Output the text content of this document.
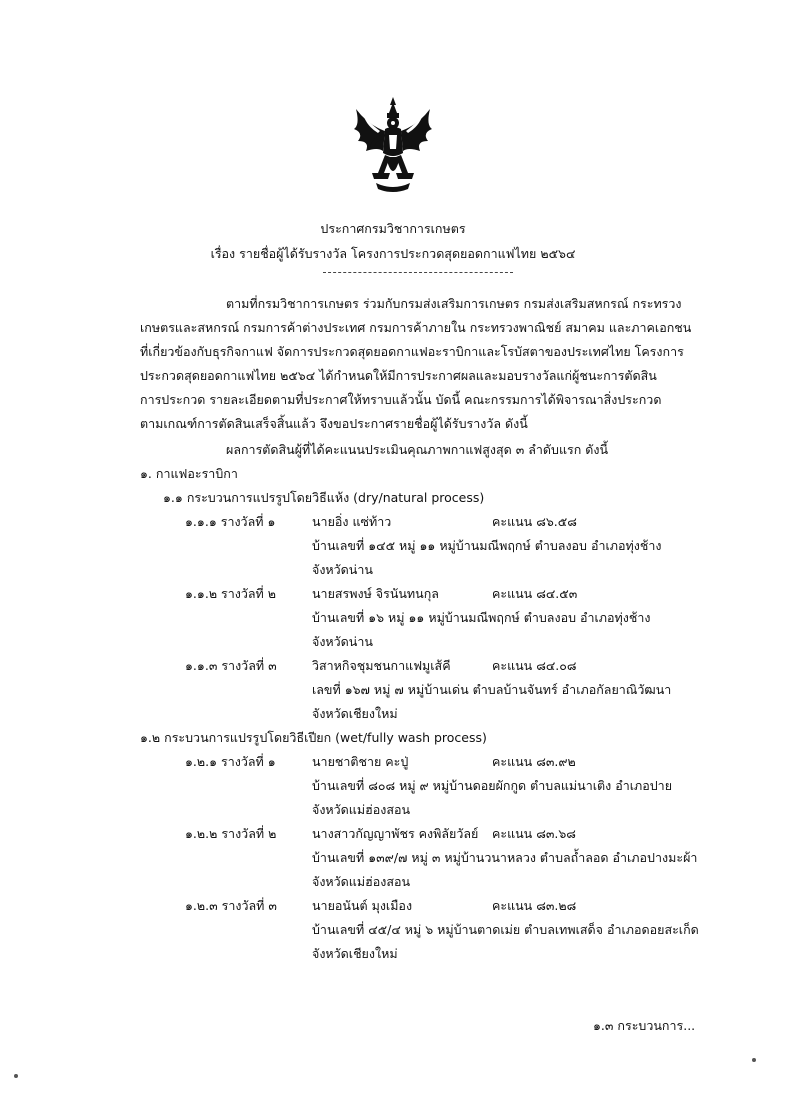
ประกาศกรมวิชาการเกษตร
เรื่อง รายชื่อผู้ได้รับรางวัล โครงการประกวดสุดยอดกาแฟไทย ๒๕๖๔
ตามที่กรมวิชาการเกษตร ร่วมกับกรมส่งเสริมการเกษตร กรมส่งเสริมสหกรณ์ กระทรวง
เกษตรและสหกรณ์ กรมการค้าต่างประเทศ กรมการค้าภายใน กระทรวงพาณิชย์ สมาคม และภาคเอกชน
ที่เกี่ยวข้องกับธุรกิจกาแฟ จัดการประกวดสุดยอดกาแฟอะราบิกาและโรบัสตาของประเทศไทย โครงการ
ประกวดสุดยอดกาแฟไทย ๒๕๖๔ ได้กำหนดให้มีการประกาศผลและมอบรางวัลแก่ผู้ชนะการตัดสิน
การประกวด รายละเอียดตามที่ประกาศให้ทราบแล้วนั้น บัดนี้ คณะกรรมการได้พิจารณาสิ่งประกวด
ตามเกณฑ์การตัดสินเสร็จสิ้นแล้ว จึงขอประกาศรายชื่อผู้ได้รับรางวัล ดังนี้
ผลการตัดสินผู้ที่ได้คะแนนประเมินคุณภาพกาแฟสูงสุด ๓ ลำดับแรก ดังนี้
๑. กาแฟอะราบิกา
๑.๑ กระบวนการแปรรูปโดยวิธีแห้ง (dry/natural process)
๑.๑.๑ รางวัลที่ ๑	นายอิ่ง แซ่ท้าว	คะแนน ๘๖.๕๘
บ้านเลขที่ ๑๔๕ หมู่ ๑๑ หมู่บ้านมณีพฤกษ์ ตำบลงอบ อำเภอทุ่งช้าง
จังหวัดน่าน
๑.๑.๒ รางวัลที่ ๒	นายสรพงษ์ จิรนันทนกุล	คะแนน ๘๔.๕๓
บ้านเลขที่ ๑๖ หมู่ ๑๑ หมู่บ้านมณีพฤกษ์ ตำบลงอบ อำเภอทุ่งช้าง
จังหวัดน่าน
๑.๑.๓ รางวัลที่ ๓	วิสาหกิจชุมชนกาแฟมูเส้คี	คะแนน ๘๔.๐๘
เลขที่ ๑๖๗ หมู่ ๗ หมู่บ้านเด่น ตำบลบ้านจันทร์ อำเภอกัลยาณิวัฒนา
จังหวัดเชียงใหม่
๑.๒ กระบวนการแปรรูปโดยวิธีเปียก (wet/fully wash process)
๑.๒.๑ รางวัลที่ ๑	นายชาติชาย คะปู่	คะแนน ๘๓.๙๒
บ้านเลขที่ ๘๐๘ หมู่ ๙ หมู่บ้านดอยผักกูด ตำบลแม่นาเติง อำเภอปาย
จังหวัดแม่ฮ่องสอน
๑.๒.๒ รางวัลที่ ๒	นางสาวกัญญาพัชร คงพิลัยวัลย์ คะแนน ๘๓.๖๘
บ้านเลขที่ ๑๓๙/๗ หมู่ ๓ หมู่บ้านวนาหลวง ตำบลถ้ำลอด อำเภอปางมะผ้า
จังหวัดแม่ฮ่องสอน
๑.๒.๓ รางวัลที่ ๓	นายอนันต์ มุงเมือง	คะแนน ๘๓.๒๘
บ้านเลขที่ ๔๕/๔ หมู่ ๖ หมู่บ้านตาดเม่ย ตำบลเทพเสด็จ อำเภอดอยสะเก็ด
จังหวัดเชียงใหม่
๑.๓ กระบวนการ...
